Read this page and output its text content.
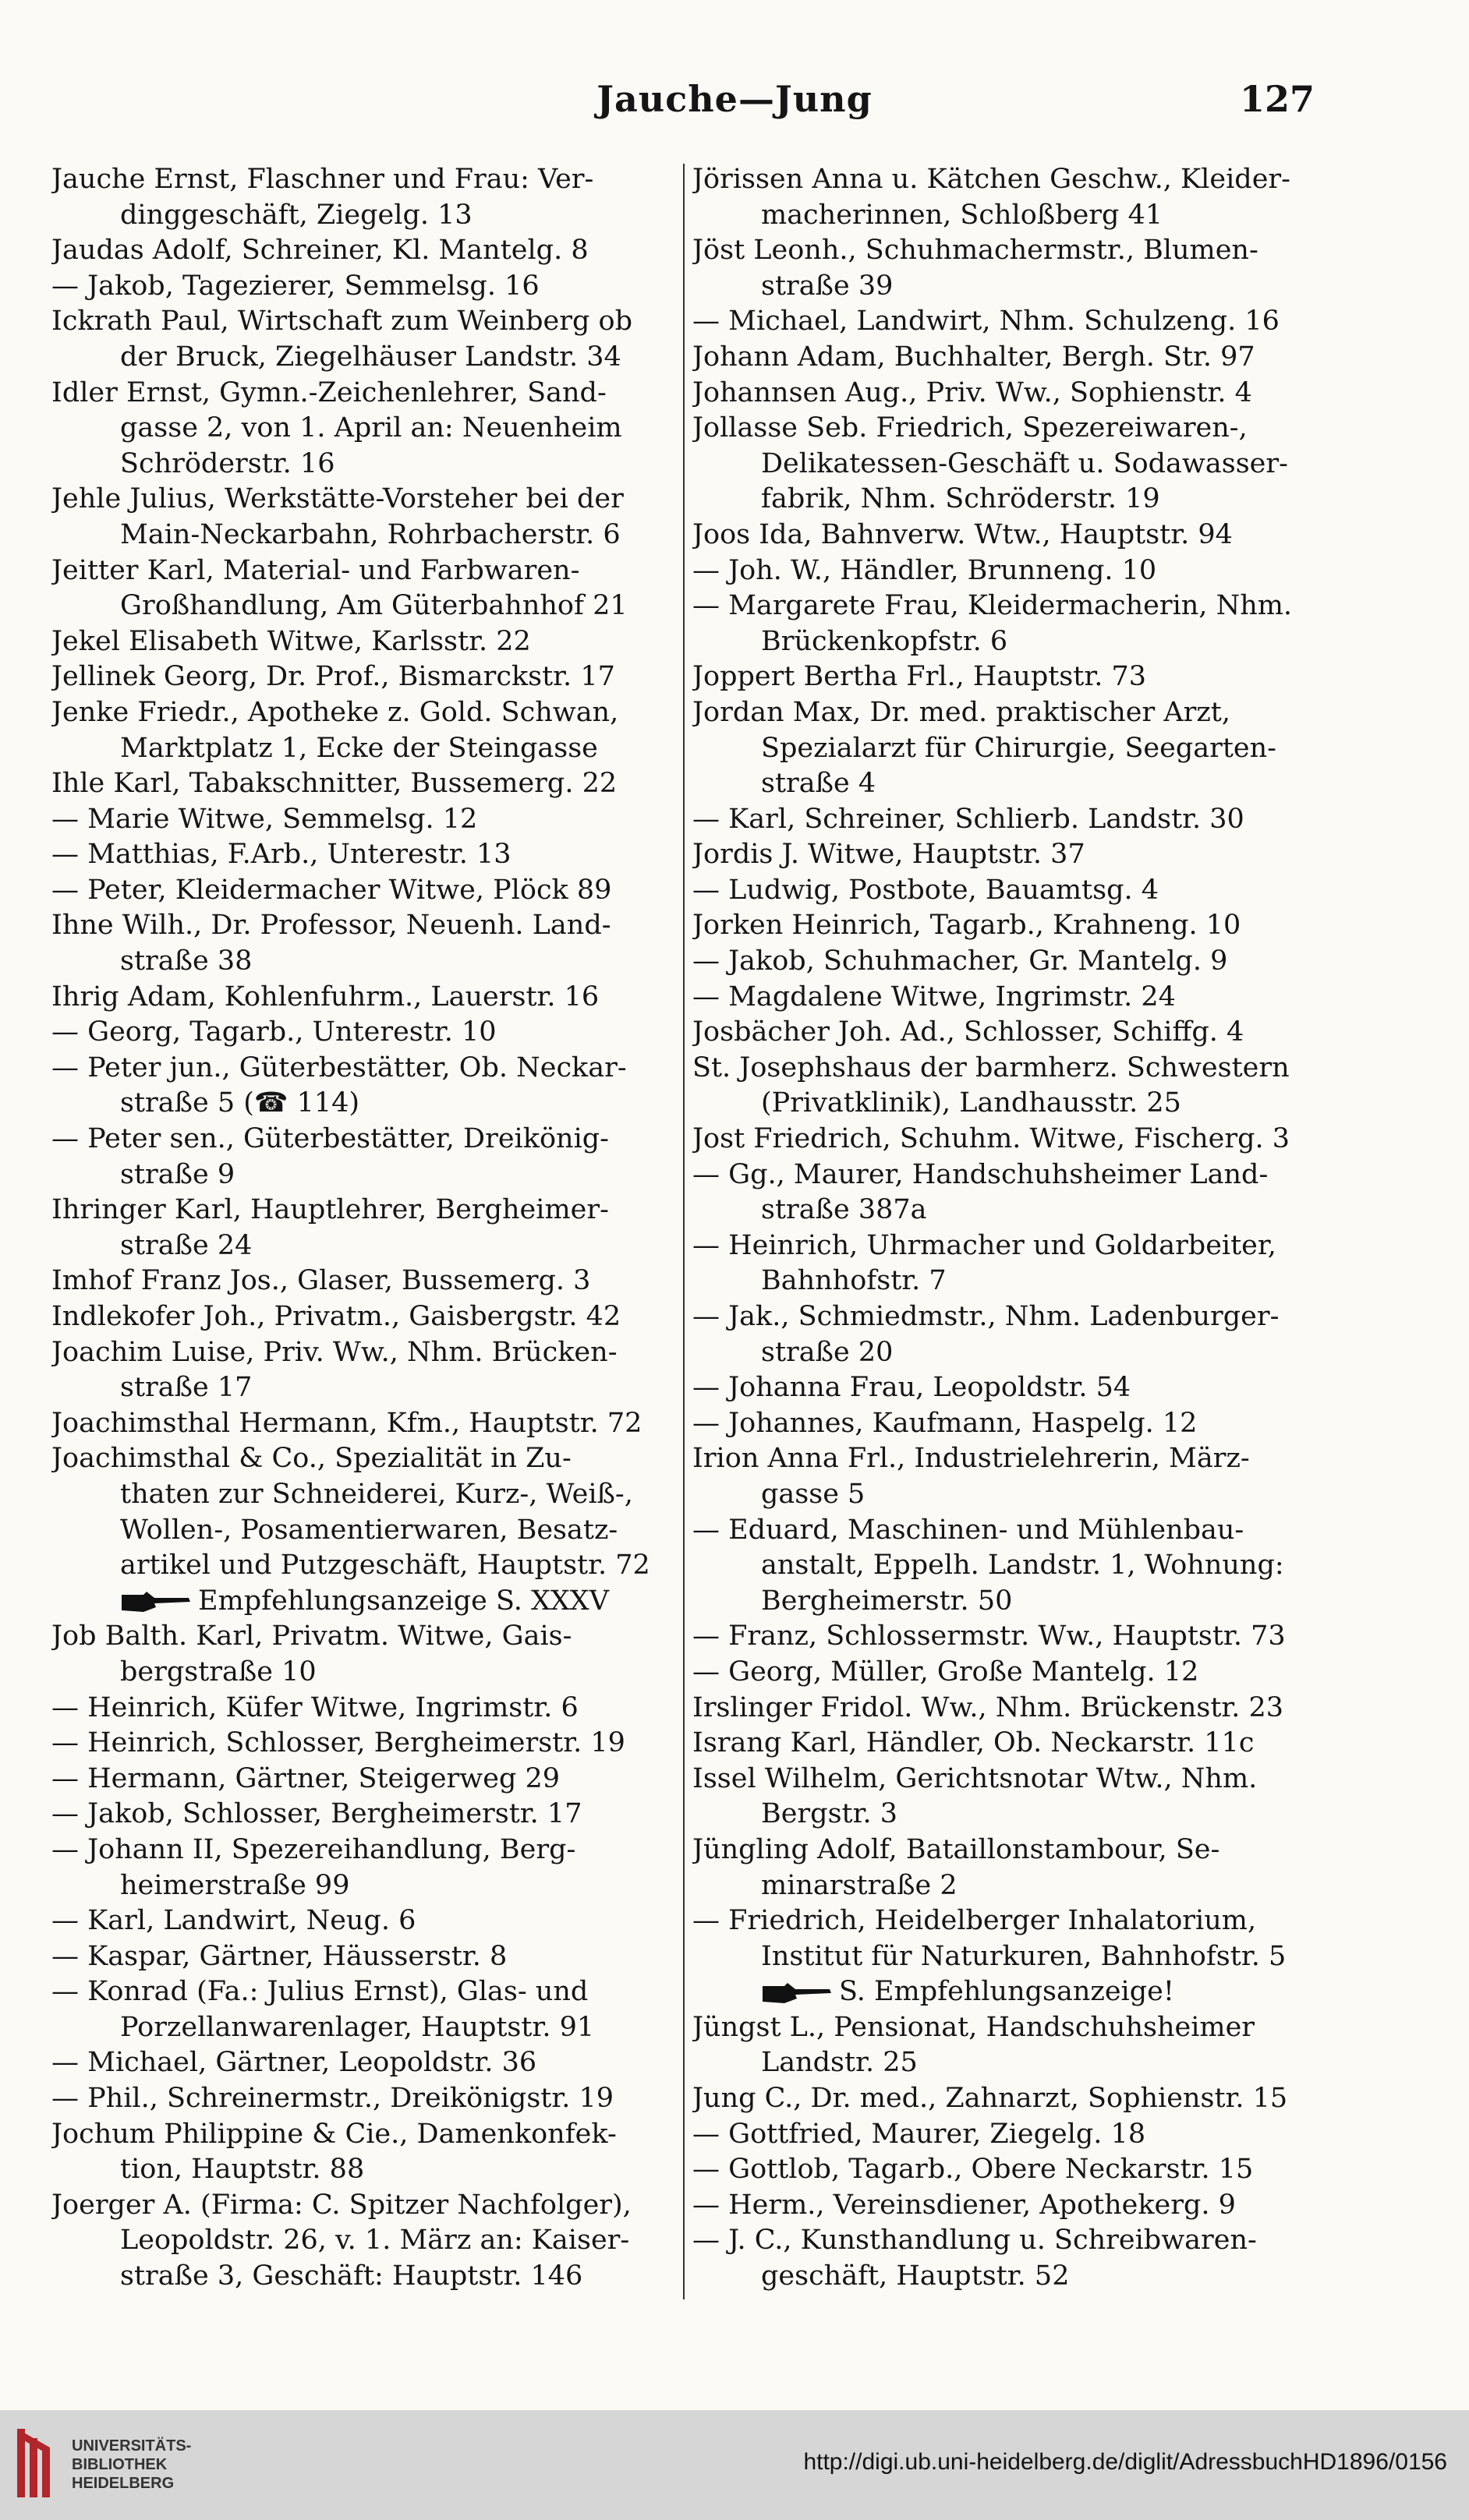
Jauche—Jung	127
Jauche Ernst, Flaschner und Frau: Ver-
dinggeschäft, Ziegelg. 13
Jaudas Adolf, Schreiner, Kl. Mantelg. 8
— Jakob, Tagezierer, Semmelsg. 16
Ickrath Paul, Wirtschaft zum Weinberg ob
der Bruck, Ziegelhäuser Landstr. 34
Idler Ernst, Gymn.-Zeichenlehrer, Sand-
gasse 2, von 1. April an: Neuenheim
Schröderstr. 16
Jehle Julius, Werkstätte-Vorsteher bei der
Main-Neckarbahn, Rohrbacherstr. 6
Jeitter Karl, Material- und Farbwaren-
Großhandlung, Am Güterbahnhof 21
Jekel Elisabeth Witwe, Karlsstr. 22
Jellinek Georg, Dr. Prof., Bismarckstr. 17
Jenke Friedr., Apotheke z. Gold. Schwan,
Marktplatz 1, Ecke der Steingasse
Ihle Karl, Tabakschnitter, Bussemerg. 22
— Marie Witwe, Semmelsg. 12
— Matthias, F.Arb., Unterestr. 13
— Peter, Kleidermacher Witwe, Plöck 89
Ihne Wilh., Dr. Professor, Neuenh. Land-
straße 38
Ihrig Adam, Kohlenfuhrm., Lauerstr. 16
— Georg, Tagarb., Unterestr. 10
— Peter jun., Güterbestätter, Ob. Neckar-
straße 5 (☎ 114)
— Peter sen., Güterbestätter, Dreikönig-
straße 9
Ihringer Karl, Hauptlehrer, Bergheimer-
straße 24
Imhof Franz Jos., Glaser, Bussemerg. 3
Indlekofer Joh., Privatm., Gaisbergstr. 42
Joachim Luise, Priv. Ww., Nhm. Brücken-
straße 17
Joachimsthal Hermann, Kfm., Hauptstr. 72
Joachimsthal & Co., Spezialität in Zu-
thaten zur Schneiderei, Kurz-, Weiß-,
Wollen-, Posamentierwaren, Besatz-
artikel und Putzgeschäft, Hauptstr. 72
Empfehlungsanzeige S. XXXV
Job Balth. Karl, Privatm. Witwe, Gais-
bergstraße 10
— Heinrich, Küfer Witwe, Ingrimstr. 6
— Heinrich, Schlosser, Bergheimerstr. 19
— Hermann, Gärtner, Steigerweg 29
— Jakob, Schlosser, Bergheimerstr. 17
— Johann II, Spezereihandlung, Berg-
heimerstraße 99
— Karl, Landwirt, Neug. 6
— Kaspar, Gärtner, Häusserstr. 8
— Konrad (Fa.: Julius Ernst), Glas- und
Porzellanwarenlager, Hauptstr. 91
— Michael, Gärtner, Leopoldstr. 36
— Phil., Schreinermstr., Dreikönigstr. 19
Jochum Philippine & Cie., Damenkonfek-
tion, Hauptstr. 88
Joerger A. (Firma: C. Spitzer Nachfolger),
Leopoldstr. 26, v. 1. März an: Kaiser-
straße 3, Geschäft: Hauptstr. 146
Jörissen Anna u. Kätchen Geschw., Kleider-
macherinnen, Schloßberg 41
Jöst Leonh., Schuhmachermstr., Blumen-
straße 39
— Michael, Landwirt, Nhm. Schulzeng. 16
Johann Adam, Buchhalter, Bergh. Str. 97
Johannsen Aug., Priv. Ww., Sophienstr. 4
Jollasse Seb. Friedrich, Spezereiwaren-,
Delikatessen-Geschäft u. Sodawasser-
fabrik, Nhm. Schröderstr. 19
Joos Ida, Bahnverw. Wtw., Hauptstr. 94
— Joh. W., Händler, Brunneng. 10
— Margarete Frau, Kleidermacherin, Nhm.
Brückenkopfstr. 6
Joppert Bertha Frl., Hauptstr. 73
Jordan Max, Dr. med. praktischer Arzt,
Spezialarzt für Chirurgie, Seegarten-
straße 4
— Karl, Schreiner, Schlierb. Landstr. 30
Jordis J. Witwe, Hauptstr. 37
— Ludwig, Postbote, Bauamtsg. 4
Jorken Heinrich, Tagarb., Krahneng. 10
— Jakob, Schuhmacher, Gr. Mantelg. 9
— Magdalene Witwe, Ingrimstr. 24
Josbächer Joh. Ad., Schlosser, Schiffg. 4
St. Josephshaus der barmherz. Schwestern
(Privatklinik), Landhausstr. 25
Jost Friedrich, Schuhm. Witwe, Fischerg. 3
— Gg., Maurer, Handschuhsheimer Land-
straße 387a
— Heinrich, Uhrmacher und Goldarbeiter,
Bahnhofstr. 7
— Jak., Schmiedmstr., Nhm. Ladenburger-
straße 20
— Johanna Frau, Leopoldstr. 54
— Johannes, Kaufmann, Haspelg. 12
Irion Anna Frl., Industrielehrerin, März-
gasse 5
— Eduard, Maschinen- und Mühlenbau-
anstalt, Eppelh. Landstr. 1, Wohnung:
Bergheimerstr. 50
— Franz, Schlossermstr. Ww., Hauptstr. 73
— Georg, Müller, Große Mantelg. 12
Irslinger Fridol. Ww., Nhm. Brückenstr. 23
Israng Karl, Händler, Ob. Neckarstr. 11c
Issel Wilhelm, Gerichtsnotar Wtw., Nhm.
Bergstr. 3
Jüngling Adolf, Bataillonstambour, Se-
minarstraße 2
— Friedrich, Heidelberger Inhalatorium,
Institut für Naturkuren, Bahnhofstr. 5
S. Empfehlungsanzeige!
Jüngst L., Pensionat, Handschuhsheimer
Landstr. 25
Jung C., Dr. med., Zahnarzt, Sophienstr. 15
— Gottfried, Maurer, Ziegelg. 18
— Gottlob, Tagarb., Obere Neckarstr. 15
— Herm., Vereinsdiener, Apothekerg. 9
— J. C., Kunsthandlung u. Schreibwaren-
geschäft, Hauptstr. 52
UNIVERSITÄTS-
BIBLIOTHEK
HEIDELBERG
http://digi.ub.uni-heidelberg.de/diglit/AdressbuchHD1896/0156
